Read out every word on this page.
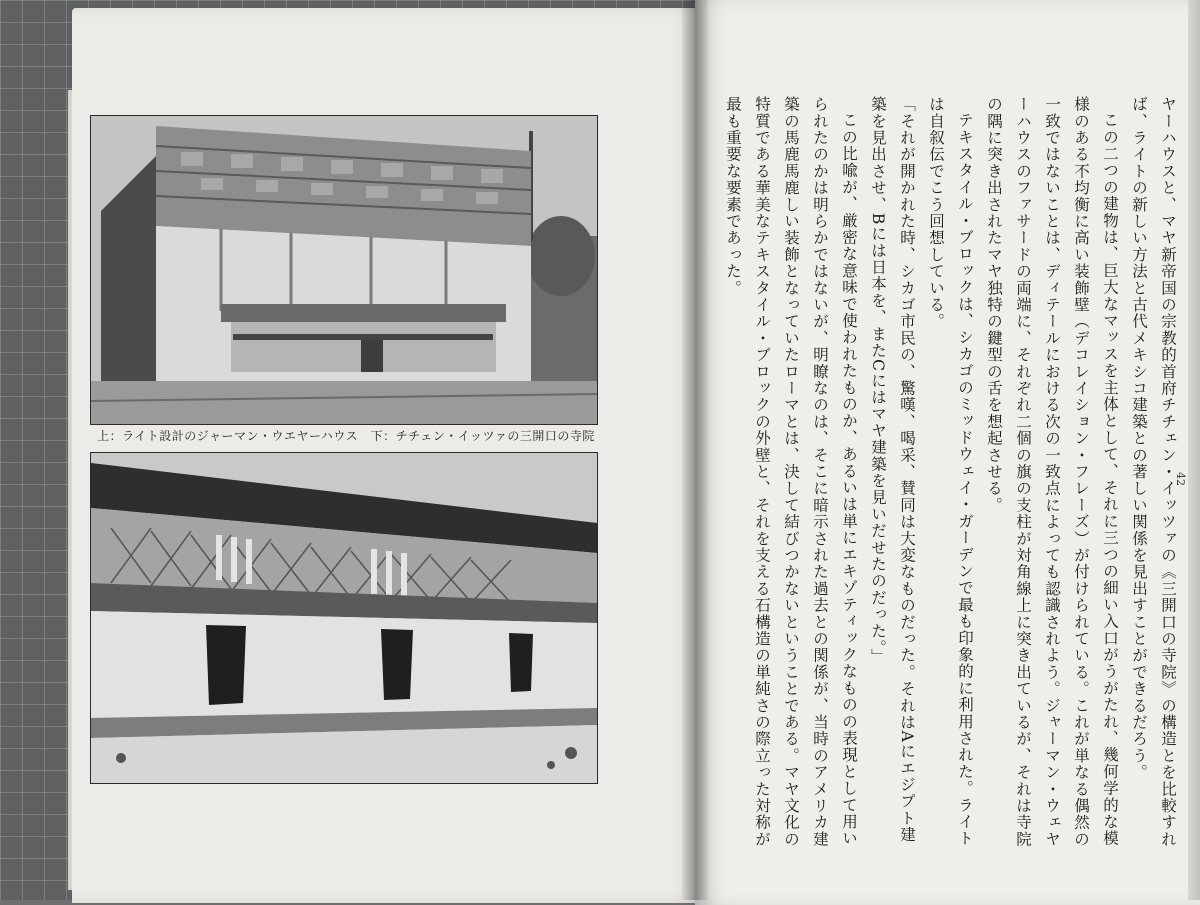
上：ライト設計のジャーマン・ウエヤーハウス　下：チチェン・イッツァの三開口の寺院	ヤーハウスと、マヤ新帝国の宗教的首府チチェン・イッツァの《三開口の寺院》の構造とを比較すれば、ライトの新しい方法と古代メキシコ建築との著しい関係を見出すことができるだろう。

この二つの建物は、巨大なマッスを主体として、それに三つの細い入口がうがたれ、幾何学的な模様のある不均衡に高い装飾壁（デコレイション・フレーズ）が付けられている。これが単なる偶然の一致ではないことは、ディテールにおける次の一致点によっても認識されよう。ジャーマン・ウェヤーハウスのファサードの両端に、それぞれ二個の旗の支柱が対角線上に突き出ているが、それは寺院の隅に突き出されたマヤ独特の鍵型の舌を想起させる。

テキスタイル・ブロックは、シカゴのミッドウェイ・ガーデンで最も印象的に利用された。ライトは自叙伝でこう回想している。

「それが開かれた時、シカゴ市民の、驚嘆、喝采、賛同は大変なものだった。それはAにエジプト建築を見出させ、Bには日本を、またCにはマヤ建築を見いだせたのだった。」

この比喩が、厳密な意味で使われたものか、あるいは単にエキゾティックなものの表現として用いられたのかは明らかではないが、明瞭なのは、そこに暗示された過去との関係が、当時のアメリカ建築の馬鹿馬鹿しい装飾となっていたローマとは、決して結びつかないということである。マヤ文化の特質である華美なテキスタイル・ブロックの外壁と、それを支える石構造の単純さの際立った対称が最も重要な要素であった。

42
